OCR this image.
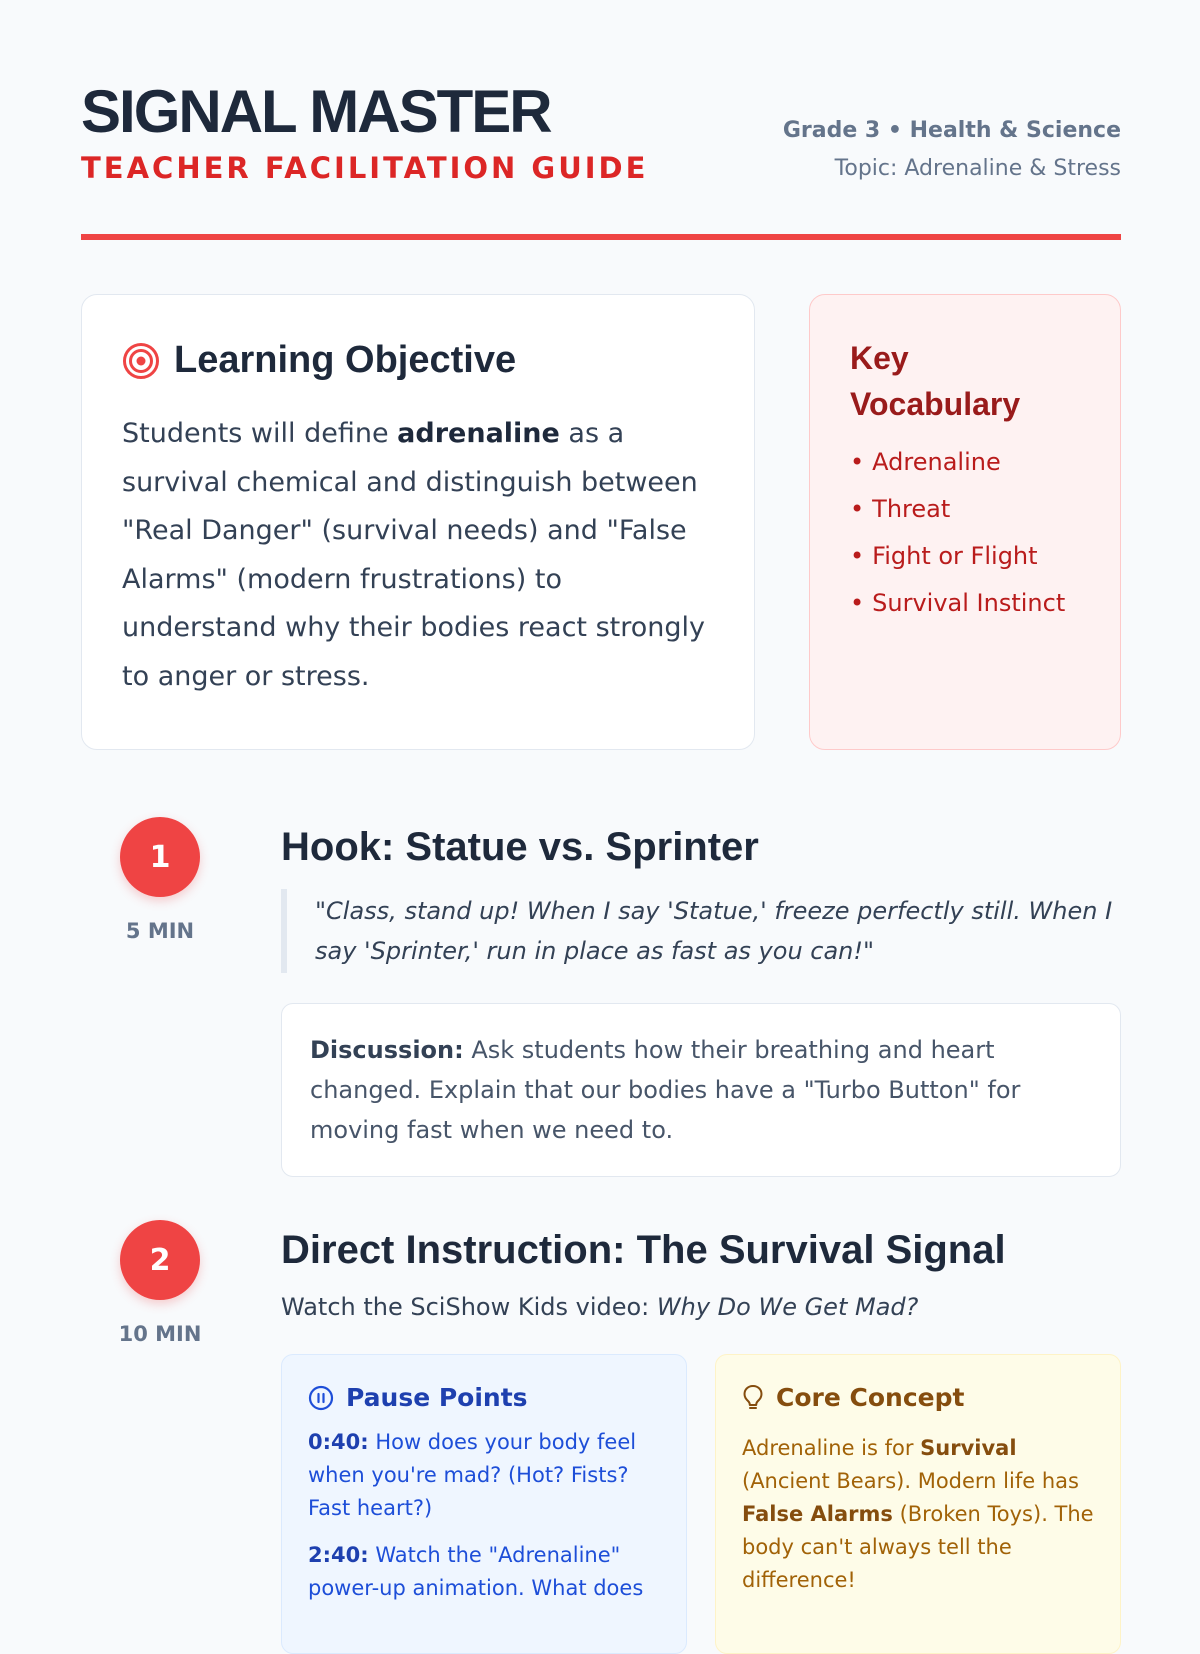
SIGNAL MASTER
TEACHER FACILITATION GUIDE
Grade 3 • Health & Science
Topic: Adrenaline & Stress
Learning Objective
Students will define adrenaline as a survival chemical and distinguish between "Real Danger" (survival needs) and "False Alarms" (modern frustrations) to understand why their bodies react strongly to anger or stress.
Key Vocabulary
• Adrenaline
• Threat
• Fight or Flight
• Survival Instinct
1
5 MIN
Hook: Statue vs. Sprinter
"Class, stand up! When I say 'Statue,' freeze perfectly still. When I say 'Sprinter,' run in place as fast as you can!"
Discussion: Ask students how their breathing and heart changed. Explain that our bodies have a "Turbo Button" for moving fast when we need to.
2
10 MIN
Direct Instruction: The Survival Signal
Watch the SciShow Kids video: Why Do We Get Mad?
Pause Points
0:40: How does your body feel when you're mad? (Hot? Fists? Fast heart?)
2:40: Watch the "Adrenaline" power-up animation. What does
Core Concept
Adrenaline is for Survival (Ancient Bears). Modern life has False Alarms (Broken Toys). The body can't always tell the difference!
